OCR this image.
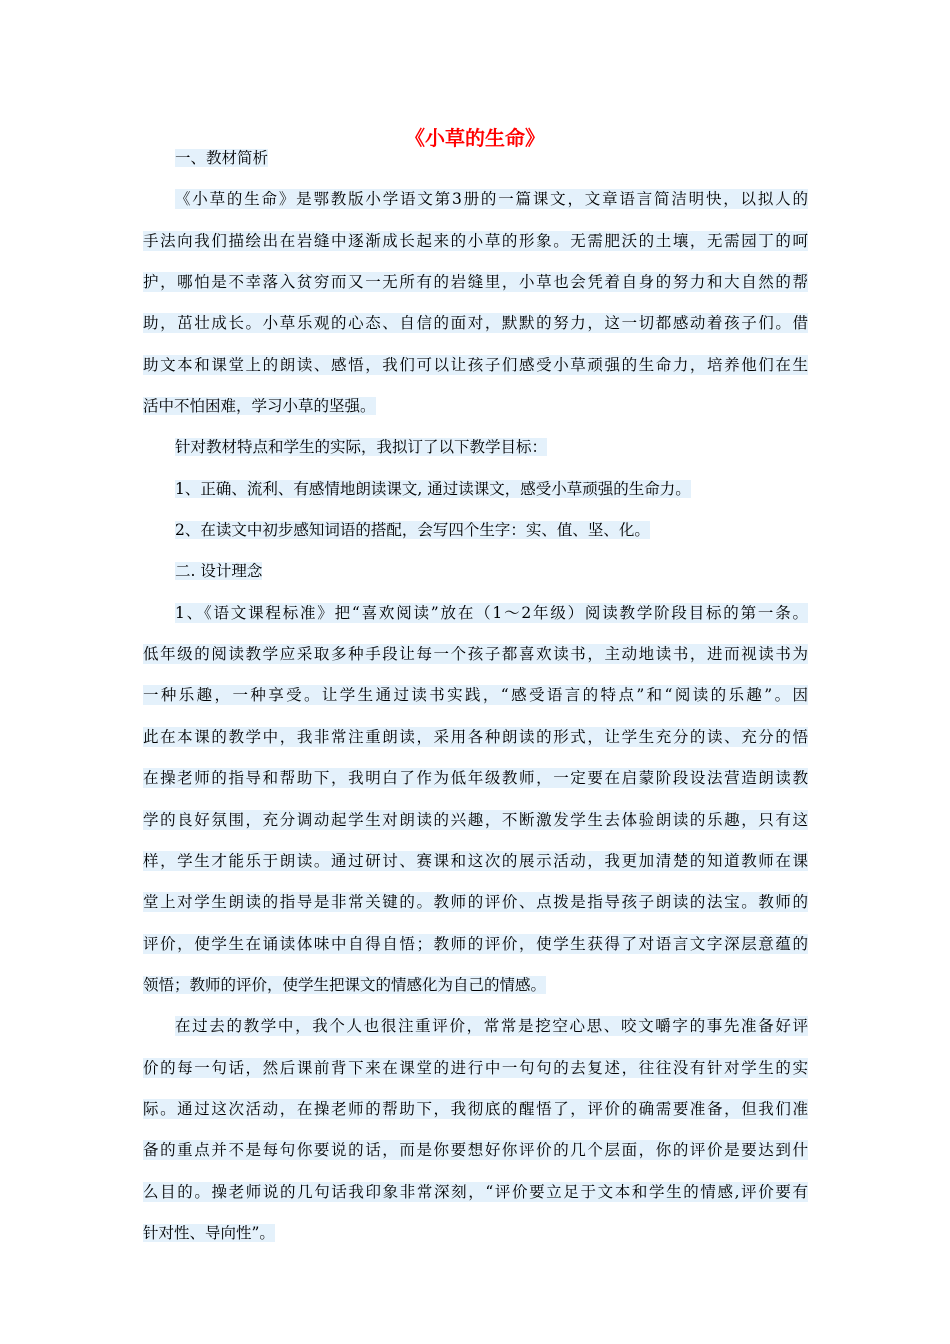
《小草的生命》
一、教材简析
《小草的生命》是鄂教版小学语文第3册的一篇课文，文章语言简洁明快，以拟人的
手法向我们描绘出在岩缝中逐渐成长起来的小草的形象。无需肥沃的土壤，无需园丁的呵
护，哪怕是不幸落入贫穷而又一无所有的岩缝里，小草也会凭着自身的努力和大自然的帮
助，茁壮成长。小草乐观的心态、自信的面对，默默的努力，这一切都感动着孩子们。借
助文本和课堂上的朗读、感悟，我们可以让孩子们感受小草顽强的生命力，培养他们在生
活中不怕困难，学习小草的坚强。
针对教材特点和学生的实际，我拟订了以下教学目标：
1、正确、流利、有感情地朗读课文, 通过读课文，感受小草顽强的生命力。
2、在读文中初步感知词语的搭配，会写四个生字：实、值、坚、化。
二. 设计理念
1、《语文课程标准》把“喜欢阅读”放在（1～2年级）阅读教学阶段目标的第一条。
低年级的阅读教学应采取多种手段让每一个孩子都喜欢读书，主动地读书，进而视读书为
一种乐趣，一种享受。让学生通过读书实践，“感受语言的特点”和“阅读的乐趣”。因
此在本课的教学中，我非常注重朗读，采用各种朗读的形式，让学生充分的读、充分的悟
在操老师的指导和帮助下，我明白了作为低年级教师，一定要在启蒙阶段设法营造朗读教
学的良好氛围，充分调动起学生对朗读的兴趣，不断激发学生去体验朗读的乐趣，只有这
样，学生才能乐于朗读。通过研讨、赛课和这次的展示活动，我更加清楚的知道教师在课
堂上对学生朗读的指导是非常关键的。教师的评价、点拨是指导孩子朗读的法宝。教师的
评价，使学生在诵读体味中自得自悟；教师的评价，使学生获得了对语言文字深层意蕴的
领悟；教师的评价，使学生把课文的情感化为自己的情感。
在过去的教学中，我个人也很注重评价，常常是挖空心思、咬文嚼字的事先准备好评
价的每一句话，然后课前背下来在课堂的进行中一句句的去复述，往往没有针对学生的实
际。通过这次活动，在操老师的帮助下，我彻底的醒悟了，评价的确需要准备，但我们准
备的重点并不是每句你要说的话，而是你要想好你评价的几个层面，你的评价是要达到什
么目的。操老师说的几句话我印象非常深刻，“评价要立足于文本和学生的情感,评价要有
针对性、导向性”。
